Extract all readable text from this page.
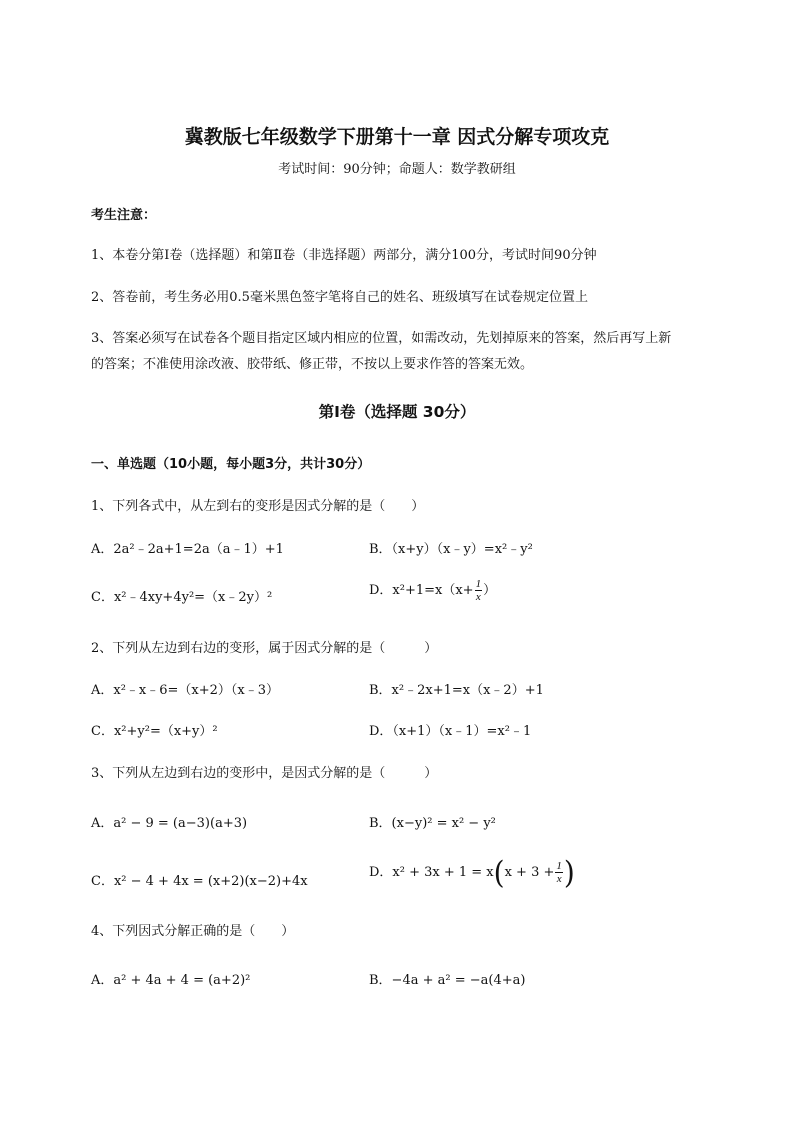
冀教版七年级数学下册第十一章 因式分解专项攻克
考试时间：90分钟；命题人：数学教研组
考生注意：
1、本卷分第I卷（选择题）和第Ⅱ卷（非选择题）两部分，满分100分，考试时间90分钟
2、答卷前，考生务必用0.5毫米黑色签字笔将自己的姓名、班级填写在试卷规定位置上
3、答案必须写在试卷各个题目指定区域内相应的位置，如需改动，先划掉原来的答案，然后再写上新
的答案；不准使用涂改液、胶带纸、修正带，不按以上要求作答的答案无效。
第I卷（选择题 30分）
一、单选题（10小题，每小题3分，共计30分）
1、下列各式中，从左到右的变形是因式分解的是（　　）
A．2a²﹣2a+1=2a（a﹣1）+1	B．（x+y）（x﹣y）=x²﹣y²
C．x²﹣4xy+4y²=（x﹣2y）²	D．$x^2+1=x(x+ \frac{1}{x}$ ）
2、下列从左边到右边的变形，属于因式分解的是（　　　）
A．x²﹣x﹣6=（x+2）（x﹣3）	B．x²﹣2x+1=x（x﹣2）+1
C．x²+y²=（x+y）²	D．（x+1）（x﹣1）=x²﹣1
3、下列从左边到右边的变形中，是因式分解的是（　　　）
A．a² − 9 = (a−3)(a+3)	B．(x−y)² = x² − y²
C．x² − 4 + 4x = (x+2)(x−2)+4x
D．$x^2 + 3x + 1 = x(x + 3 + \frac{1}{x}$ )
4、下列因式分解正确的是（　　）
A．a² + 4a + 4 = (a+2)²	B．−4a + a² = −a(4+a)
